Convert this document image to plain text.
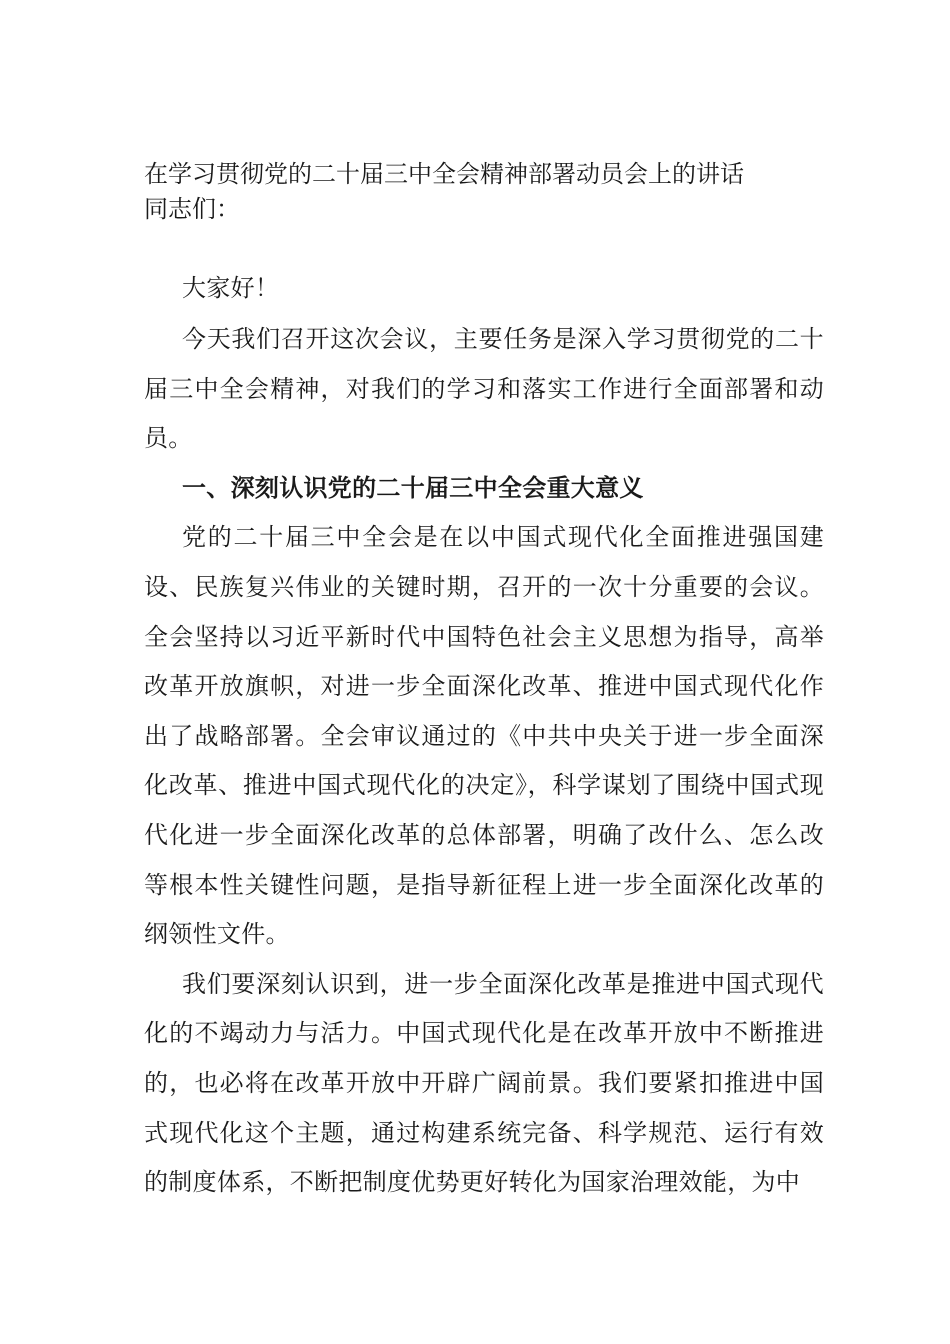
在学习贯彻党的二十届三中全会精神部署动员会上的讲话
同志们：

大家好！

今天我们召开这次会议，主要任务是深入学习贯彻党的二十届三中全会精神，对我们的学习和落实工作进行全面部署和动员。

一、深刻认识党的二十届三中全会重大意义

党的二十届三中全会是在以中国式现代化全面推进强国建设、民族复兴伟业的关键时期，召开的一次十分重要的会议。全会坚持以习近平新时代中国特色社会主义思想为指导，高举改革开放旗帜，对进一步全面深化改革、推进中国式现代化作出了战略部署。全会审议通过的《中共中央关于进一步全面深化改革、推进中国式现代化的决定》，科学谋划了围绕中国式现代化进一步全面深化改革的总体部署，明确了改什么、怎么改等根本性关键性问题，是指导新征程上进一步全面深化改革的纲领性文件。

我们要深刻认识到，进一步全面深化改革是推进中国式现代化的不竭动力与活力。中国式现代化是在改革开放中不断推进的，也必将在改革开放中开辟广阔前景。我们要紧扣推进中国式现代化这个主题，通过构建系统完备、科学规范、运行有效的制度体系，不断把制度优势更好转化为国家治理效能，为中
